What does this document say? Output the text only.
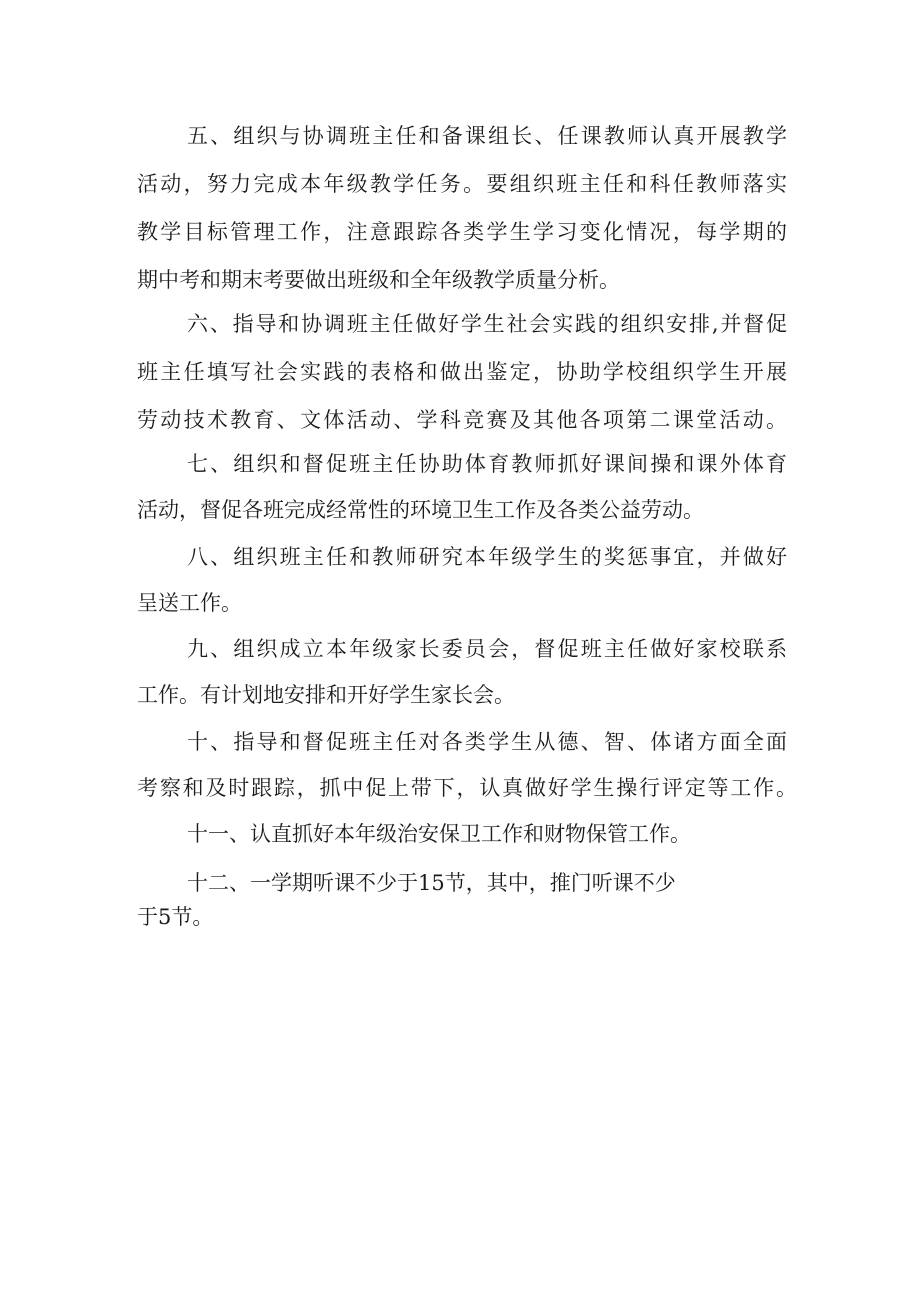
五、组织与协调班主任和备课组长、任课教师认真开展教学
活动，努力完成本年级教学任务。要组织班主任和科任教师落实
教学目标管理工作，注意跟踪各类学生学习变化情况，每学期的
期中考和期末考要做出班级和全年级教学质量分析。
六、指导和协调班主任做好学生社会实践的组织安排,并督促
班主任填写社会实践的表格和做出鉴定，协助学校组织学生开展
劳动技术教育、文体活动、学科竞赛及其他各项第二课堂活动。
七、组织和督促班主任协助体育教师抓好课间操和课外体育
活动，督促各班完成经常性的环境卫生工作及各类公益劳动。
八、组织班主任和教师研究本年级学生的奖惩事宜，并做好
呈送工作。
九、组织成立本年级家长委员会，督促班主任做好家校联系
工作。有计划地安排和开好学生家长会。
十、指导和督促班主任对各类学生从德、智、体诸方面全面
考察和及时跟踪，抓中促上带下，认真做好学生操行评定等工作。
十一、认直抓好本年级治安保卫工作和财物保管工作。
十二、一学期听课不少于15节，其中，推门听课不少
于5节。
